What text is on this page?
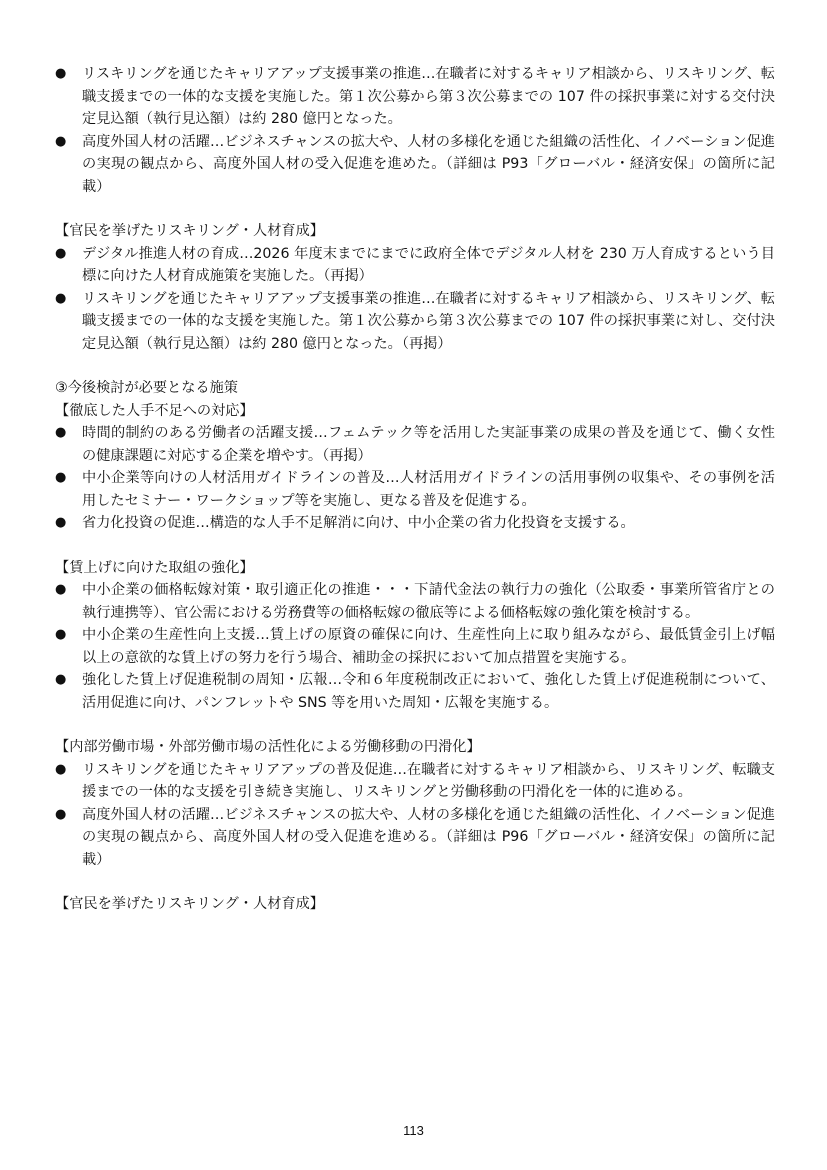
●	リスキリングを通じたキャリアアップ支援事業の推進…在職者に対するキャリア相談から、リスキリング、転職支援までの一体的な支援を実施した。第１次公募から第３次公募までの 107 件の採択事業に対する交付決定見込額（執行見込額）は約 280 億円となった。
●	高度外国人材の活躍…ビジネスチャンスの拡大や、人材の多様化を通じた組織の活性化、イノベーション促進の実現の観点から、高度外国人材の受入促進を進めた。（詳細は P93「グローバル・経済安保」の箇所に記載）

【官民を挙げたリスキリング・人材育成】

●	デジタル推進人材の育成…2026 年度末までにまでに政府全体でデジタル人材を 230 万人育成するという目標に向けた人材育成施策を実施した。（再掲）
●	リスキリングを通じたキャリアアップ支援事業の推進…在職者に対するキャリア相談から、リスキリング、転職支援までの一体的な支援を実施した。第１次公募から第３次公募までの 107 件の採択事業に対し、交付決定見込額（執行見込額）は約 280 億円となった。（再掲）

③今後検討が必要となる施策

【徹底した人手不足への対応】

●	時間的制約のある労働者の活躍支援…フェムテック等を活用した実証事業の成果の普及を通じて、働く女性の健康課題に対応する企業を増やす。（再掲）
●	中小企業等向けの人材活用ガイドラインの普及…人材活用ガイドラインの活用事例の収集や、その事例を活用したセミナー・ワークショップ等を実施し、更なる普及を促進する。
●	省力化投資の促進…構造的な人手不足解消に向け、中小企業の省力化投資を支援する。

【賃上げに向けた取組の強化】

●	中小企業の価格転嫁対策・取引適正化の推進・・・下請代金法の執行力の強化（公取委・事業所管省庁との執行連携等）、官公需における労務費等の価格転嫁の徹底等による価格転嫁の強化策を検討する。
●	中小企業の生産性向上支援…賃上げの原資の確保に向け、生産性向上に取り組みながら、最低賃金引上げ幅以上の意欲的な賃上げの努力を行う場合、補助金の採択において加点措置を実施する。
●	強化した賃上げ促進税制の周知・広報…令和６年度税制改正において、強化した賃上げ促進税制について、活用促進に向け、パンフレットや SNS 等を用いた周知・広報を実施する。

【内部労働市場・外部労働市場の活性化による労働移動の円滑化】

●	リスキリングを通じたキャリアアップの普及促進…在職者に対するキャリア相談から、リスキリング、転職支援までの一体的な支援を引き続き実施し、リスキリングと労働移動の円滑化を一体的に進める。
●	高度外国人材の活躍…ビジネスチャンスの拡大や、人材の多様化を通じた組織の活性化、イノベーション促進の実現の観点から、高度外国人材の受入促進を進める。（詳細は P96「グローバル・経済安保」の箇所に記載）

【官民を挙げたリスキリング・人材育成】

113
